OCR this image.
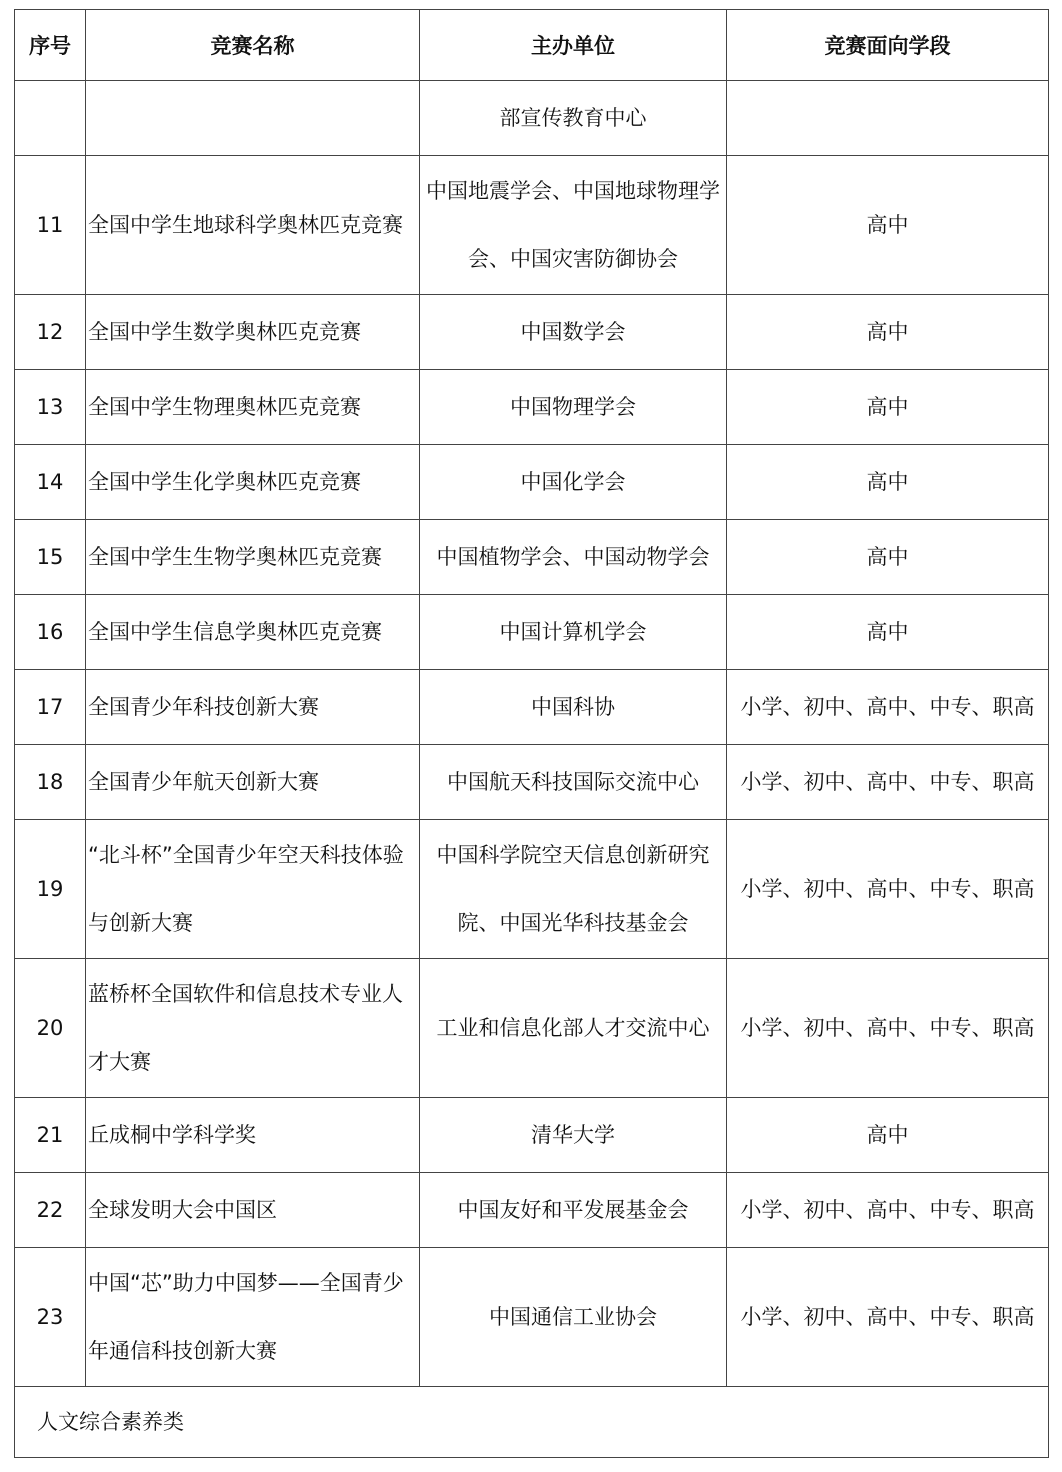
序号	竞赛名称	主办单位	竞赛面向学段
		部宣传教育中心	
11	全国中学生地球科学奥林匹克竞赛	中国地震学会、中国地球物理学会、中国灾害防御协会	高中
12	全国中学生数学奥林匹克竞赛	中国数学会	高中
13	全国中学生物理奥林匹克竞赛	中国物理学会	高中
14	全国中学生化学奥林匹克竞赛	中国化学会	高中
15	全国中学生生物学奥林匹克竞赛	中国植物学会、中国动物学会	高中
16	全国中学生信息学奥林匹克竞赛	中国计算机学会	高中
17	全国青少年科技创新大赛	中国科协	小学、初中、高中、中专、职高
18	全国青少年航天创新大赛	中国航天科技国际交流中心	小学、初中、高中、中专、职高
19	“北斗杯”全国青少年空天科技体验与创新大赛	中国科学院空天信息创新研究院、中国光华科技基金会	小学、初中、高中、中专、职高
20	蓝桥杯全国软件和信息技术专业人才大赛	工业和信息化部人才交流中心	小学、初中、高中、中专、职高
21	丘成桐中学科学奖	清华大学	高中
22	全球发明大会中国区	中国友好和平发展基金会	小学、初中、高中、中专、职高
23	中国“芯”助力中国梦——全国青少年通信科技创新大赛	中国通信工业协会	小学、初中、高中、中专、职高
人文综合素养类			
